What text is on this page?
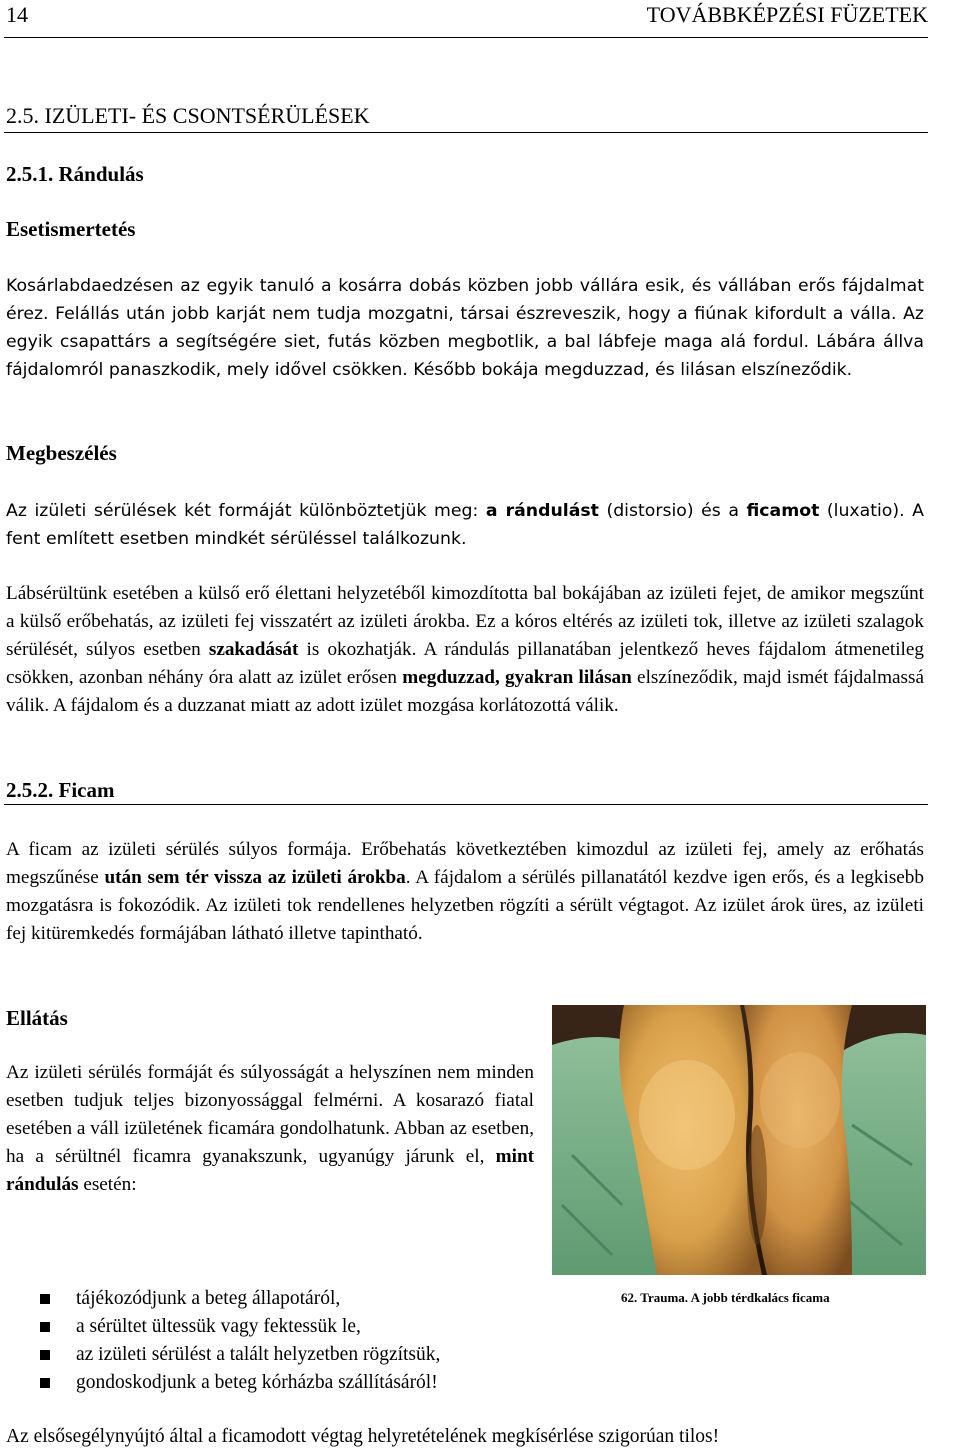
14	TOVÁBBKÉPZÉSI FÜZETEK
2.5. IZÜLETI- ÉS CSONTSÉRÜLÉSEK
2.5.1. Rándulás
Esetismertetés

Kosárlabdaedzésen az egyik tanuló a kosárra dobás közben jobb vállára esik, és vállában erős fájdalmat érez. Felállás után jobb karját nem tudja mozgatni, társai észreveszik, hogy a fiúnak kifordult a válla. Az egyik csapattárs a segítségére siet, futás közben megbotlik, a bal lábfeje maga alá fordul. Lábára állva fájdalomról panaszkodik, mely idővel csökken. Később bokája megduzzad, és lilásan elszíneződik.

Megbeszélés

Az izületi sérülések két formáját különböztetjük meg: a rándulást (distorsio) és a ficamot (luxatio). A fent említett esetben mindkét sérüléssel találkozunk.

Lábsérültünk esetében a külső erő élettani helyzetéből kimozdította bal bokájában az izületi fejet, de amikor megszűnt a külső erőbehatás, az izületi fej visszatért az izületi árokba. Ez a kóros eltérés az izületi tok, illetve az izületi szalagok sérülését, súlyos esetben szakadását is okozhatják. A rándulás pillanatában jelentkező heves fájdalom átmenetileg csökken, azonban néhány óra alatt az izület erősen megduzzad, gyakran lilásan elszíneződik, majd ismét fájdalmassá válik. A fájdalom és a duzzanat miatt az adott izület mozgása korlátozottá válik.

2.5.2. Ficam

A ficam az izületi sérülés súlyos formája. Erőbehatás következtében kimozdul az izületi fej, amely az erőhatás megszűnése után sem tér vissza az izületi árokba. A fájdalom a sérülés pillanatától kezdve igen erős, és a legkisebb mozgatásra is fokozódik. Az izületi tok rendellenes helyzetben rögzíti a sérült végtagot. Az izület árok üres, az izületi fej kitüremkedés formájában látható illetve tapintható.

Ellátás

Az izületi sérülés formáját és súlyosságát a helyszínen nem minden esetben tudjuk teljes bizonyossággal felmérni. A kosarazó fiatal esetében a váll izületének ficamára gondolhatunk. Abban az esetben, ha a sérültnél ficamra gyanakszunk, ugyanúgy járunk el, mint rándulás esetén:

62. Trauma. A jobb térdkalács ficama
tájékozódjunk a beteg állapotáról,
a sérültet ültessük vagy fektessük le,
az izületi sérülést a talált helyzetben rögzítsük,
gondoskodjunk a beteg kórházba szállításáról!
Az elsősegélynyújtó által a ficamodott végtag helyretételének megkísérlése szigorúan tilos!
